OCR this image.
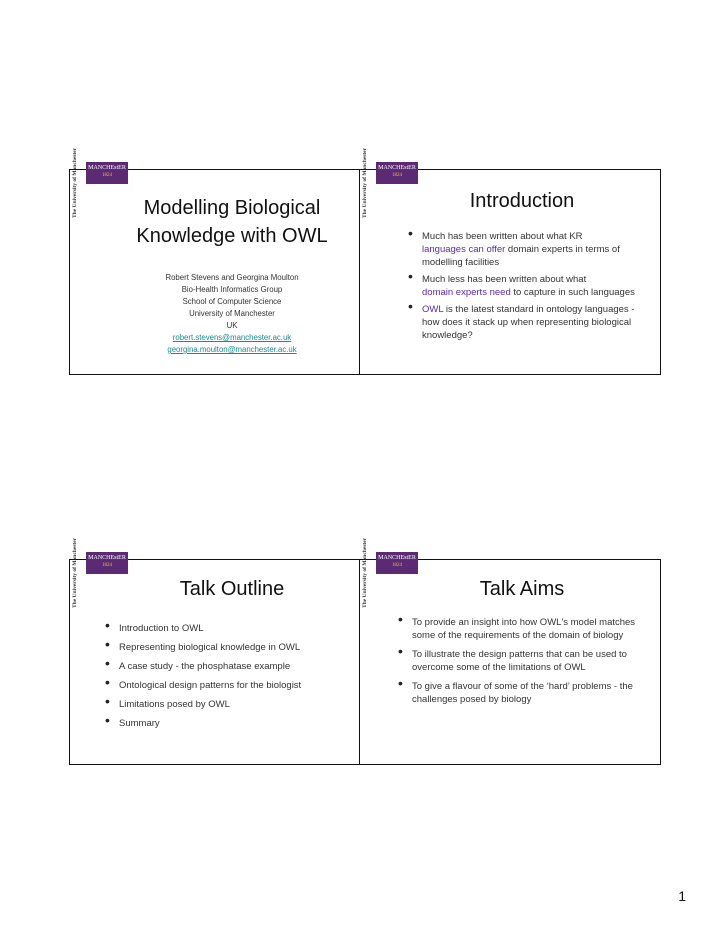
MANCHEstER
1824
The University of Manchester	Modelling Biological
Knowledge with OWL
Robert Stevens and Georgina Moulton
Bio-Health Informatics Group
School of Computer Science
University of Manchester
UK
robert.stevens@manchester.ac.uk
georgina.moulton@manchester.ac.uk
MANCHEstER
1824
The University of Manchester	Introduction
• Much has been written about what KR
languages can offer domain experts in terms of modelling facilities
• Much less has been written about what
domain experts need to capture in such languages
• OWL is the latest standard in ontology languages - how does it stack up when representing biological knowledge?
MANCHEstER
1824
The University of Manchester	Talk Outline
• Introduction to OWL
• Representing biological knowledge in OWL
• A case study - the phosphatase example
• Ontological design patterns for the biologist
• Limitations posed by OWL
• Summary
MANCHEstER
1824
The University of Manchester	Talk Aims
• To provide an insight into how OWL's model matches some of the requirements of the domain of biology
• To illustrate the design patterns that can be used to overcome some of the limitations of OWL
• To give a flavour of some of the ‘hard’ problems - the challenges posed by biology
1
